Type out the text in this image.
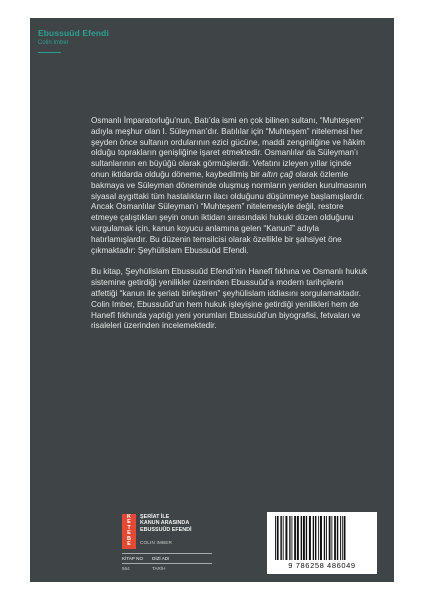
Ebussuûd Efendi
Colin Imber

Osmanlı İmparatorluğu’nun, Batı’da ismi en çok bilinen sultanı, “Muhteşem” adıyla meşhur olan I. Süleyman’dır. Batılılar için “Muhteşem” nitelemesi her şeyden önce sultanın ordularının ezici gücüne, maddi zenginliğine ve hâkim olduğu toprakların genişliğine işaret etmektedir. Osmanlılar da Süleyman’ı sultanlarının en büyüğü olarak görmüşlerdir. Vefatını izleyen yıllar içinde onun iktidarda olduğu döneme, kaybedilmiş bir altın çağ olarak özlemle bakmaya ve Süleyman döneminde oluşmuş normların yeniden kurulmasının siyasal aygıttaki tüm hastalıkların ilacı olduğunu düşünmeye başlamışlardır. Ancak Osmanlılar Süleyman’ı “Muhteşem” nitelemesiyle değil, restore etmeye çalıştıkları şeyin onun iktidarı sırasındaki hukuki düzen olduğunu vurgulamak için, kanun koyucu anlamına gelen “Kanunî” adıyla hatırlamışlardır. Bu düzenin temsilcisi olarak özellikle bir şahsiyet öne çıkmaktadır: Şeyhülislam Ebussuûd Efendi.

Bu kitap, Şeyhülislam Ebussuûd Efendi’nin Hanefî fıkhına ve Osmanlı hukuk sistemine getirdiği yenilikler üzerinden Ebussuûd’a modern tarihçilerin atfettiği “kanun ile şeriatı birleştiren” şeyhülislam iddiasını sorgulamaktadır. Colin Imber, Ebussuûd’un hem hukuk işleyişine getirdiği yenilikleri hem de Hanefî fıkhında yaptığı yeni yorumları Ebussuûd’un biyografisi, fetvaları ve risaleleri üzerinden incelemektedir.

K
E
T
E
B
E
ŞERİAT İLE
KANUN ARASINDA
EBUSSUÛD EFENDİ
COLIN IMBER
KİTAP NO	DİZİ ADI
564	TARİH	9 786258 486049
